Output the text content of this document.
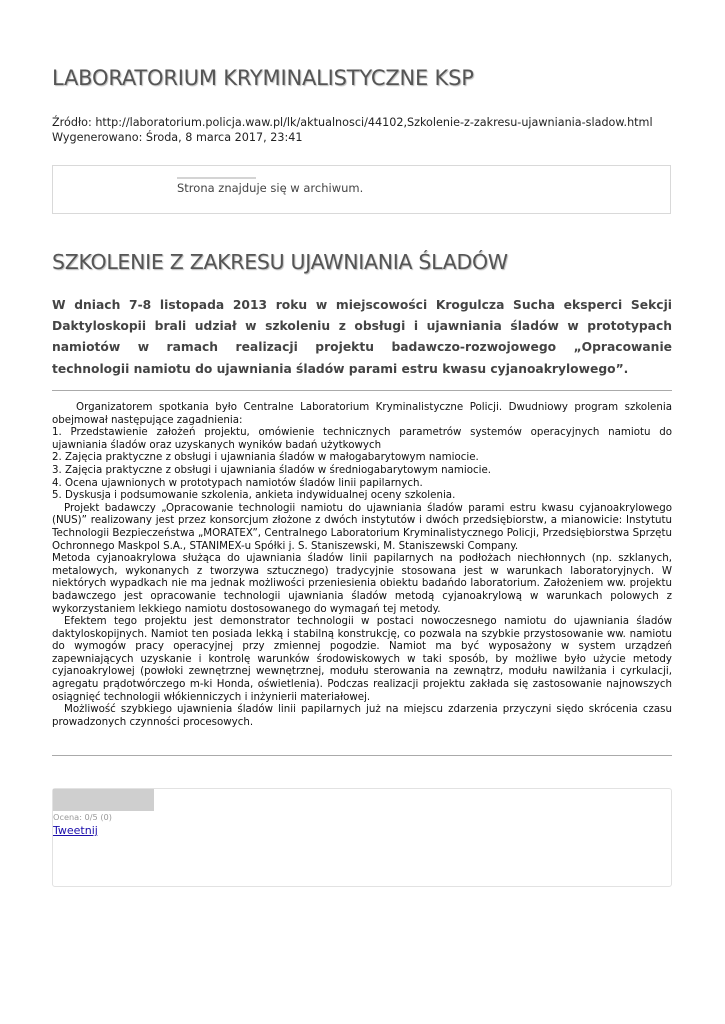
LABORATORIUM KRYMINALISTYCZNE KSP
Źródło: http://laboratorium.policja.waw.pl/lk/aktualnosci/44102,Szkolenie-z-zakresu-ujawniania-sladow.html
Wygenerowano: Środa, 8 marca 2017, 23:41
Strona znajduje się w archiwum.
SZKOLENIE Z ZAKRESU UJAWNIANIA ŚLADÓW

W dniach 7-8 listopada 2013 roku w miejscowości Krogulcza Sucha eksperci Sekcji Daktyloskopii brali udział w szkoleniu z obsługi i ujawniania śladów w prototypach namiotów w ramach realizacji projektu badawczo-rozwojowego „Opracowanie technologii namiotu do ujawniania śladów parami estru kwasu cyjanoakrylowego”.

Organizatorem spotkania było Centralne Laboratorium Kryminalistyczne Policji. Dwudniowy program szkolenia obejmował następujące zagadnienia:

1. Przedstawienie założeń projektu, omówienie technicznych parametrów systemów operacyjnych namiotu do ujawniania śladów oraz uzyskanych wyników badań użytkowych

2. Zajęcia praktyczne z obsługi i ujawniania śladów w małogabarytowym namiocie.

3. Zajęcia praktyczne z obsługi i ujawniania śladów w średniogabarytowym namiocie.

4. Ocena ujawnionych w prototypach namiotów śladów linii papilarnych.

5. Dyskusja i podsumowanie szkolenia, ankieta indywidualnej oceny szkolenia.

Projekt badawczy „Opracowanie technologii namiotu do ujawniania śladów parami estru kwasu cyjanoakrylowego (NUS)” realizowany jest przez konsorcjum złożone z dwóch instytutów i dwóch przedsiębiorstw, a mianowicie: Instytutu Technologii Bezpieczeństwa „MORATEX”, Centralnego Laboratorium Kryminalistycznego Policji, Przedsiębiorstwa Sprzętu Ochronnego Maskpol S.A., STANIMEX-u Spółki j. S. Staniszewski, M. Staniszewski Company.

Metoda cyjanoakrylowa służąca do ujawniania śladów linii papilarnych na podłożach niechłonnych (np. szklanych, metalowych, wykonanych z tworzywa sztucznego) tradycyjnie stosowana jest w warunkach laboratoryjnych. W niektórych wypadkach nie ma jednak możliwości przeniesienia obiektu badańdo laboratorium. Założeniem ww. projektu badawczego jest opracowanie technologii ujawniania śladów metodą cyjanoakrylową w warunkach polowych z wykorzystaniem lekkiego namiotu dostosowanego do wymagań tej metody.

Efektem tego projektu jest demonstrator technologii w postaci nowoczesnego namiotu do ujawniania śladów daktyloskopijnych. Namiot ten posiada lekką i stabilną konstrukcję, co pozwala na szybkie przystosowanie ww. namiotu do wymogów pracy operacyjnej przy zmiennej pogodzie. Namiot ma być wyposażony w system urządzeń zapewniających uzyskanie i kontrolę warunków środowiskowych w taki sposób, by możliwe było użycie metody cyjanoakrylowej (powłoki zewnętrznej wewnętrznej, modułu sterowania na zewnątrz, modułu nawilżania i cyrkulacji, agregatu prądotwórczego m-ki Honda, oświetlenia). Podczas realizacji projektu zakłada się zastosowanie najnowszych osiągnięć technologii włókienniczych i inżynierii materiałowej.

Możliwość szybkiego ujawnienia śladów linii papilarnych już na miejscu zdarzenia przyczyni siędo skrócenia czasu prowadzonych czynności procesowych.

Ocena: 0/5 (0)
Tweetnij
